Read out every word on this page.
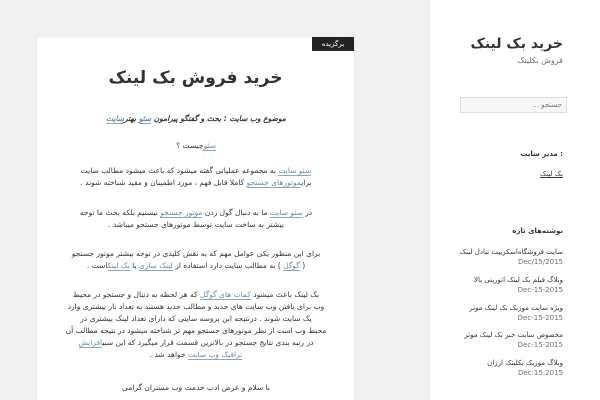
برگزیده
خرید فروش بک لینک
موضوع وب سایت : بحث و گفتگو پیرامون سئو بهترسایت
سئوچیست ؟
سئو سایت به مجموعه عملیاتی گفته میشود که باعث میشود مطالب سایت
برایموتورهای جستجو کاملا قابل فهم ، مورد اطمینان و مفید شناخته شوند .
در سئو سایت ما به دنبال گول زدن موتور جستجو نیستیم بلکه بحث ما توجه
بیشتر به ساخت سایت توسط موتورهای جستجو میباشد .
برای این منظور یکی عوامل مهم که به نقش کلیدی در توجه بیشتر موتور جستجو
( گوگل ) به مطالب سایت دارد استفاده از لینک سازی یا بک لینکاست .
بک لینک باعث میشود کمات های گوگل که هر لحظه به دنبال و جستجو در محیط
وب برای یافتن وب سایت های جدید و مطالب جدید هستند به تعداد بار بیشتری وارد
یک سایت شوند . درنتیجه این پروسه سایتی که دارای تعداد لینک بیشتری در
محیط وب است از نظر موتورهای جستجو مهم تر شناخته میشود در نتیجه مطالب آن
در رتبه بندی نتایج جستجو در بالاترین قسمت قرار میگیرد که این سببافزایش
ترافیک وب سایت خواهد شد .
با سلام و عرض ادب خدمت وب مستران گرامی
خرید بک لینک
فروش بکلینک
جستجو ...
مدیر سایت :
بک لینک
نوشته‌های تازه
سایت فروشگاه‌اسکریپت تبادل لینک
Dec/15/2015
وبلاگ فیلم بک لینک اتوریتی بالا
Dec-15-2015
ویژه سایت موزیک بک لینک موثر
Dec-15-2015
مخصوص سایت خبر بک لینک موثر
Dec-15-2015
وبلاگ موزیک بکلینک ارزان
Dec:15:2015
